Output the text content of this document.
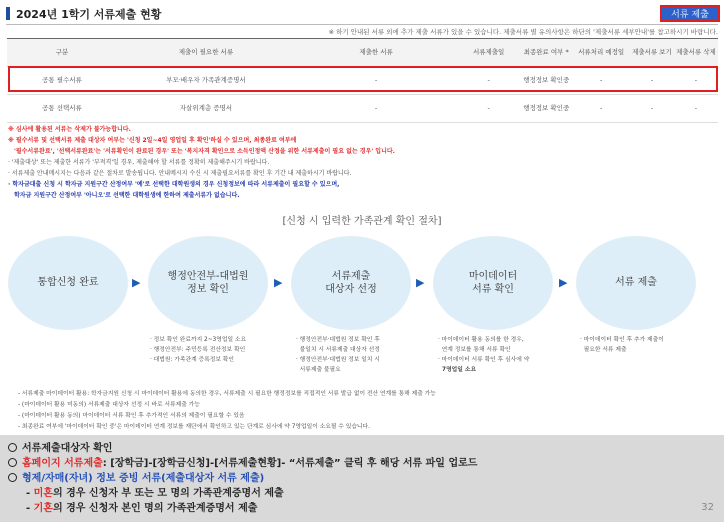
2024년 1학기 서류제출 현황	서류 제출
※ 하기 안내된 서류 외에 추가 제출 서류가 있을 수 있습니다. 제출서류 별 유의사항은 하단의 '제출서류 세부안내'를 참고하시기 바랍니다.
구분	제출이 필요한 서류	제출한 서류	서류제출일	최종완료 여부 *	서류처리 예정일	제출서류 보기	제출서류 삭제
공통 필수서류	부모·배우자 가족관계증명서	-	-	행정정보 확인중	-	-	-
공통 선택서류	자살위계층 증명서	-	-	행정정보 확인중	-	-	-
※ 심사에 활용된 서류는 삭제가 불가능합니다.
※ 필수서류 및 선택서류 제출 대상자 여부는 '신청 2일~4일 영업일 후 확인'하실 수 있으며, 최종완료 여부에
'필수서류완료', '선택서류완료'는 '서류확인이 완료된 경우' 또는 '복지자격 확인으로 소득인정액 산정을 위한 서류제출이 필요 없는 경우' 입니다.
· '제출대상' 또는 제출한 서류가 '부적격'일 경우, 제출해야 할 서류를 정확히 제출해주시기 바랍니다.
· 서류제출 안내메시지는 다음과 같은 절차로 발송됩니다. 안내메시지 수신 시 제출필요서류를 확인 후 기간 내 제출하시기 바랍니다.
· 학자금대출 신청 시 학자금 지원구간 산정여부 '예'로 선택한 대학원생의 경우 신청정보에 따라 서류제출이 필요할 수 있으며,
학자금 지원구간 산정여부 '아니오'로 선택한 대학원생에 한하여 제출서류가 없습니다.
[신청 시 입력한 가족관계 확인 절차]
통합신청 완료	▶	행정안전부-대법원
정보 확인
▶	서류제출
대상자 선정
▶	마이데이터
서류 확인
▶	서류 제출
· 정보 확인 완료까지 2~3영업일 소요
· 행정안전부: 주민등록 전산정보 확인
· 대법원: 가족관계 증록정보 확인
· 행정안전부·대법원 정보 확인 후
불일치 시 서류제출 대상자 선정
· 행정안전부·대법원 정보 일치 시
서류제출 불필요
· 마이데이터 활용 동의를 한 경우,
연계 정보를 통해 서류 확인
· 마이데이터 서류 확인 후 심사에 약
7영업일 소요
· 마이데이터 확인 후 추가 제출이
필요한 서류 제출
- 서류제출 마이데이터 활용: 학자금지원 신청 시 마이데이터 활용에 동의한 경우, 서류제출 시 필요한 행정정보를 직접적인 서류 발급 없이 전산 연계를 통해 제출 가능
- (마이데이터 활용 미동의) 서류제출 대상자 선정 시 바로 서류제출 가능
- (마이데이터 활용 동의) 마이데이터 서류 확인 후 추가적인 서류의 제출이 필요할 수 있음
- 최종완료 여부에 '마이데이터 확인 중'은 마이데이터 연계 정보를 재단에서 확인하고 있는 단계로 심사에 약 7영업일이 소요될 수 있습니다.
서류제출대상자 확인
홈페이지 서류제출: [장학금]-[장학금신청]-[서류제출현황]- “서류제출” 클릭 후 해당 서류 파일 업로드
형제/자매(자녀) 정보 증빙 서류(제출대상자 서류 제출)
- 미혼의 경우 신청자 부 또는 모 명의 가족관계증명서 제출
- 기혼의 경우 신청자 본인 명의 가족관계증명서 제출	32
